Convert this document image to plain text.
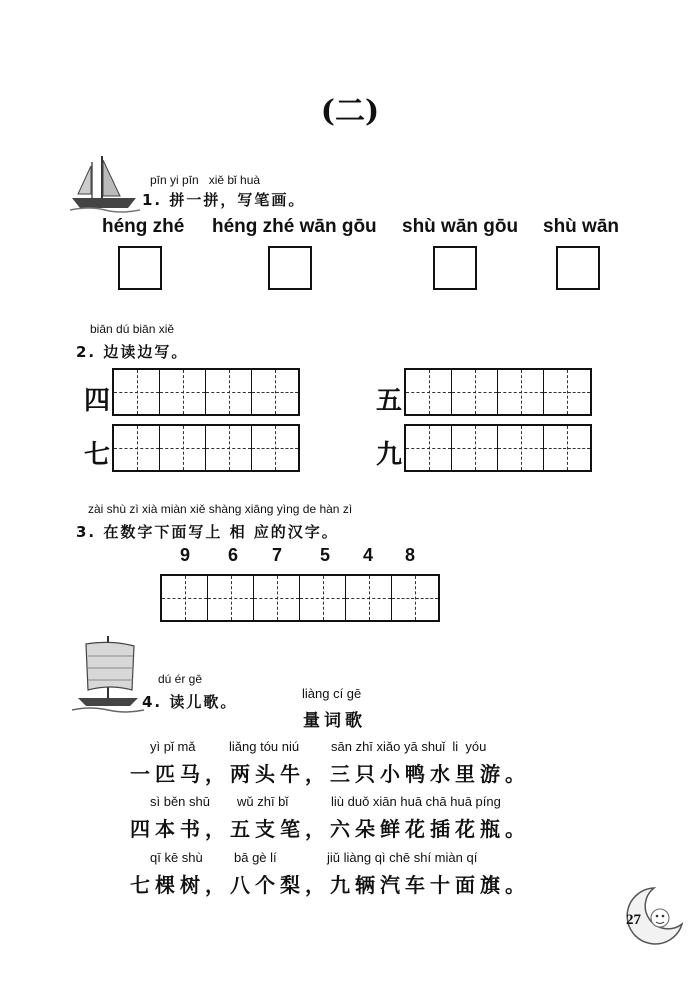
(二)
pīn yi pīn   xiě bǐ huà
1. 拼一拼，写笔画。
héng zhé héng zhé wān gōu shù wān gōu shù wān
biān dú biān xiě
2. 边读边写。
四	五
七	九
zài shù zì xià miàn xiě shàng xiāng yìng de hàn zì
3. 在数字下面写上 相 应的汉字。
9	6	7	5	4	8
dú ér gē
4. 读儿歌。	liàng cí gē
量词歌
yì pǐ mǎ	liǎng tóu niú sān zhī xiǎo yā shuǐ  li  yóu
一匹马，两头牛，三只小鸭水里游。
sì běn shū wǔ zhī bǐ	liù duǒ xiān huā chā huā píng
四本书，五支笔，六朵鲜花插花瓶。
qī kē shù bā gè lí	jiǔ liàng qì chē shí miàn qí
七棵树，八个梨，九辆汽车十面旗。
27
